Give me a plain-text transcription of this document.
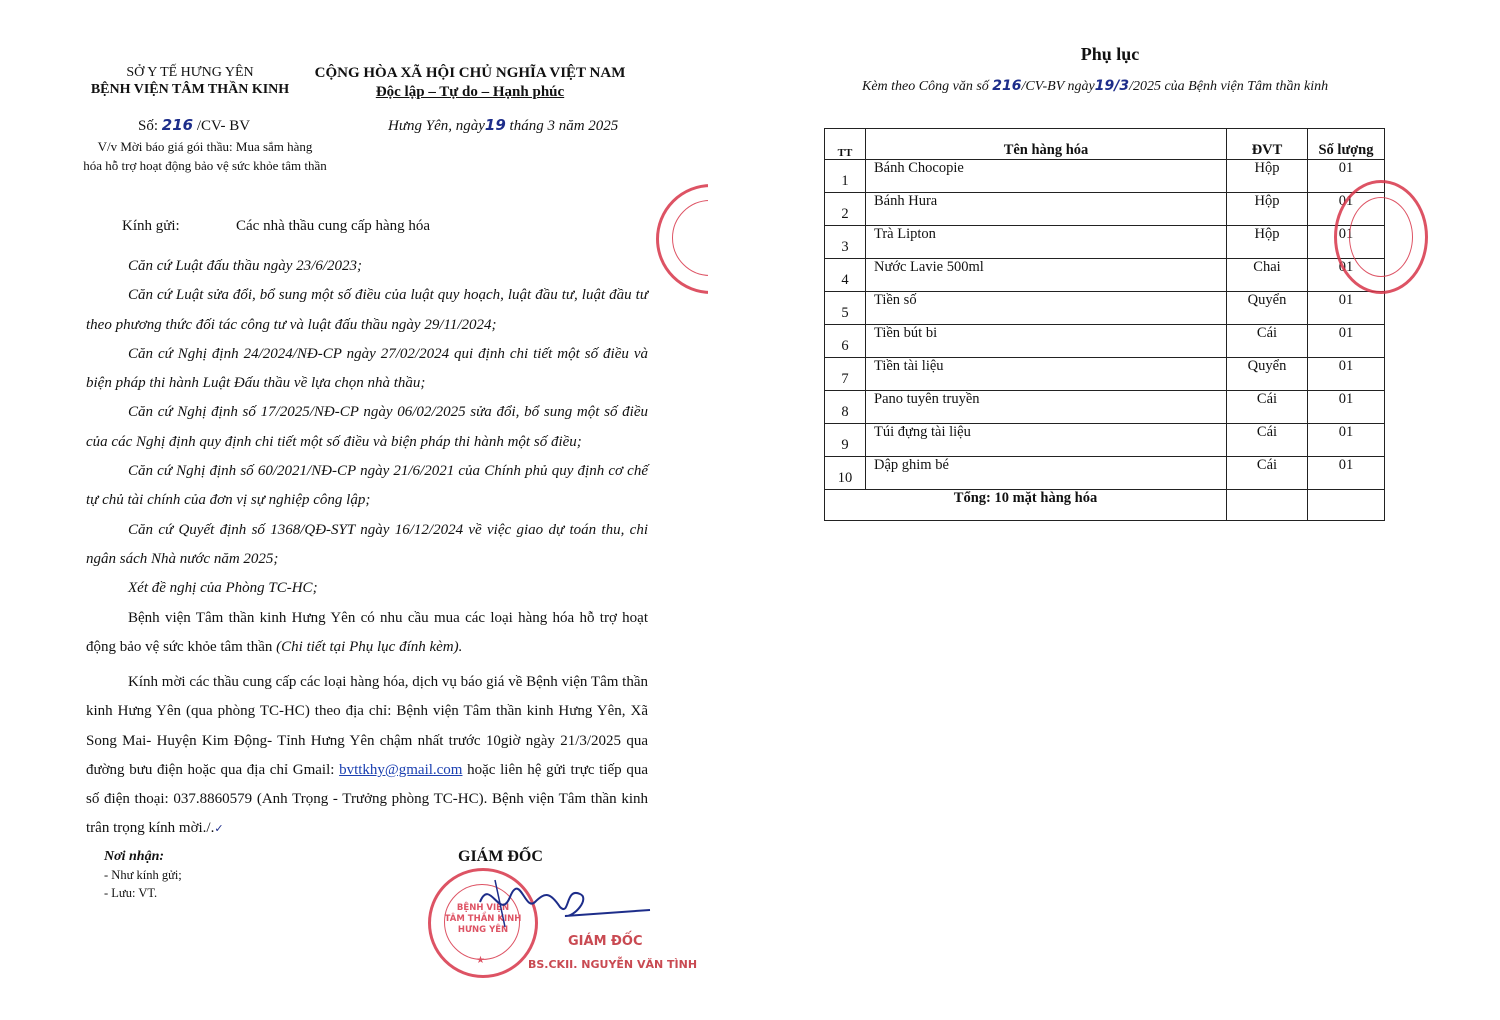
SỞ Y TẾ HƯNG YÊN
BỆNH VIỆN TÂM THẦN KINH
CỘNG HÒA XÃ HỘI CHỦ NGHĨA VIỆT NAM
Độc lập – Tự do – Hạnh phúc
Số: 216 /CV- BV	Hưng Yên, ngày19 tháng 3 năm 2025
V/v Mời báo giá gói thầu: Mua sắm hàng
hóa hỗ trợ hoạt động bảo vệ sức khỏe tâm thần
Kính gửi:	Các nhà thầu cung cấp hàng hóa
Căn cứ Luật đấu thầu ngày 23/6/2023;
Căn cứ Luật sửa đổi, bổ sung một số điều của luật quy hoạch, luật đầu tư, luật đầu tư theo phương thức đối tác công tư và luật đấu thầu ngày 29/11/2024;
Căn cứ Nghị định 24/2024/NĐ-CP ngày 27/02/2024 qui định chi tiết một số điều và biện pháp thi hành Luật Đấu thầu về lựa chọn nhà thầu;
Căn cứ Nghị định số 17/2025/NĐ-CP ngày 06/02/2025 sửa đổi, bổ sung một số điều của các Nghị định quy định chi tiết một số điều và biện pháp thi hành một số điều;
Căn cứ Nghị định số 60/2021/NĐ-CP ngày 21/6/2021 của Chính phủ quy định cơ chế tự chủ tài chính của đơn vị sự nghiệp công lập;
Căn cứ Quyết định số 1368/QĐ-SYT ngày 16/12/2024 về việc giao dự toán thu, chi ngân sách Nhà nước năm 2025;
Xét đề nghị của Phòng TC-HC;
Bệnh viện Tâm thần kinh Hưng Yên có nhu cầu mua các loại hàng hóa hỗ trợ hoạt động bảo vệ sức khỏe tâm thần (Chi tiết tại Phụ lục đính kèm).
Kính mời các thầu cung cấp các loại hàng hóa, dịch vụ báo giá về Bệnh viện Tâm thần kinh Hưng Yên (qua phòng TC-HC) theo địa chỉ: Bệnh viện Tâm thần kinh Hưng Yên, Xã Song Mai- Huyện Kim Động- Tỉnh Hưng Yên chậm nhất trước 10giờ ngày 21/3/2025 qua đường bưu điện hoặc qua địa chỉ Gmail: bvttkhy@gmail.com hoặc liên hệ gửi trực tiếp qua số điện thoại: 037.8860579 (Anh Trọng - Trưởng phòng TC-HC). Bệnh viện Tâm thần kinh trân trọng kính mời./.✓
Nơi nhận:
- Như kính gửi;
- Lưu: VT.
GIÁM ĐỐC
BỆNH VIỆN
TÂM THẦN KINH
HƯNG YÊN
★
GIÁM ĐỐC
BS.CKII. NGUYỄN VĂN TÌNH
Phụ lục
Kèm theo Công văn số 216/CV-BV ngày19/3/2025 của Bệnh viện Tâm thần kinh
TT	Tên hàng hóa	ĐVT	Số lượng
1	Bánh Chocopie	Hộp	01
2	Bánh Hura	Hộp	01
3	Trà Lipton	Hộp	01
4	Nước Lavie 500ml	Chai	01
5	Tiền số	Quyển	01
6	Tiền bút bi	Cái	01
7	Tiền tài liệu	Quyển	01
8	Pano tuyên truyền	Cái	01
9	Túi đựng tài liệu	Cái	01
10	Dập ghim bé	Cái	01
Tổng: 10 mặt hàng hóa			
